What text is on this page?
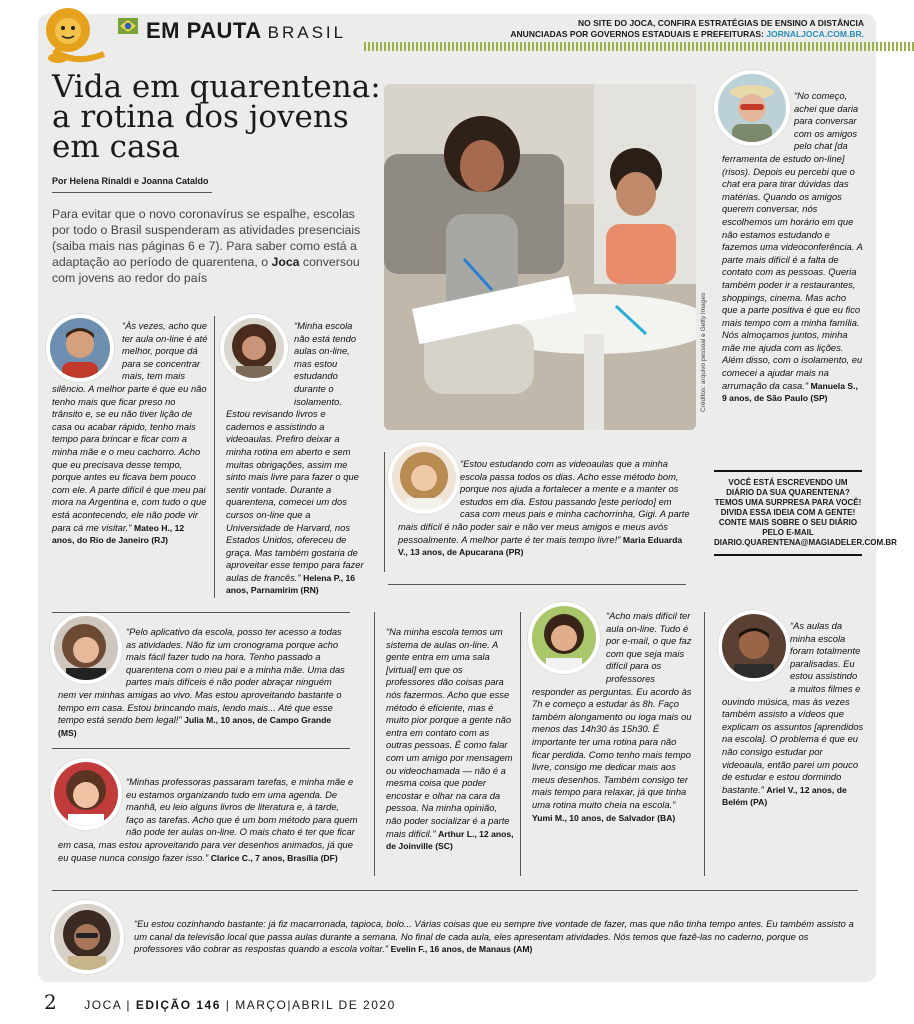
EM PAUTA BRASIL	NO SITE DO JOCA, CONFIRA ESTRATÉGIAS DE ENSINO A DISTÂNCIA
ANUNCIADAS POR GOVERNOS ESTADUAIS E PREFEITURAS: JORNALJOCA.COM.BR.
Vida em quarentena: a rotina dos jovens em casa
Por Helena Rinaldi e Joanna Cataldo

Para evitar que o novo coronavírus se espalhe, escolas por todo o Brasil suspenderam as atividades presenciais (saiba mais nas páginas 6 e 7). Para saber como está a adaptação ao período de quarentena, o Joca conversou com jovens ao redor do país

Créditos: arquivo pessoal e Getty Images
“Às vezes, acho que ter aula on-line é até melhor, porque dá para se concentrar mais, tem mais silêncio. A melhor parte é que eu não tenho mais que ficar preso no trânsito e, se eu não tiver lição de casa ou acabar rápido, tenho mais tempo para brincar e ficar com a minha mãe e o meu cachorro. Acho que eu precisava desse tempo, porque antes eu ficava bem pouco com ele. A parte difícil é que meu pai mora na Argentina e, com tudo o que está acontecendo, ele não pode vir para cá me visitar.” Mateo H., 12 anos, do Rio de Janeiro (RJ)
“Minha escola não está tendo aulas on-line, mas estou estudando durante o isolamento. Estou revisando livros e cadernos e assistindo a videoaulas. Prefiro deixar a minha rotina em aberto e sem muitas obrigações, assim me sinto mais livre para fazer o que sentir vontade. Durante a quarentena, comecei um dos cursos on-line que a Universidade de Harvard, nos Estados Unidos, ofereceu de graça. Mas também gostaria de aproveitar esse tempo para fazer aulas de francês.” Helena P., 16 anos, Parnamirim (RN)
“No começo, achei que daria para conversar com os amigos pelo chat [da ferramenta de estudo on-line] (risos). Depois eu percebi que o chat era para tirar dúvidas das matérias. Quando os amigos querem conversar, nós escolhemos um horário em que não estamos estudando e fazemos uma videoconferência. A parte mais difícil é a falta de contato com as pessoas. Queria também poder ir a restaurantes, shoppings, cinema. Mas acho que a parte positiva é que eu fico mais tempo com a minha família. Nós almoçamos juntos, minha mãe me ajuda com as lições. Além disso, com o isolamento, eu comecei a ajudar mais na arrumação da casa.” Manuela S., 9 anos, de São Paulo (SP)
“Estou estudando com as videoaulas que a minha escola passa todos os dias. Acho esse método bom, porque nos ajuda a fortalecer a mente e a manter os estudos em dia. Estou passando [este período] em casa com meus pais e minha cachorrinha, Gigi. A parte mais difícil é não poder sair e não ver meus amigos e meus avós pessoalmente. A melhor parte é ter mais tempo livre!” Maria Eduarda V., 13 anos, de Apucarana (PR)
VOCÊ ESTÁ ESCREVENDO UM DIÁRIO DA SUA QUARENTENA? TEMOS UMA SURPRESA PARA VOCÊ! DIVIDA ESSA IDEIA COM A GENTE! CONTE MAIS SOBRE O SEU DIÁRIO PELO E-MAIL DIARIO.QUARENTENA@MAGIADELER.COM.BR
“Pelo aplicativo da escola, posso ter acesso a todas as atividades. Não fiz um cronograma porque acho mais fácil fazer tudo na hora. Tenho passado a quarentena com o meu pai e a minha mãe. Uma das partes mais difíceis é não poder abraçar ninguém nem ver minhas amigas ao vivo. Mas estou aproveitando bastante o tempo em casa. Estou brincando mais, lendo mais... Até que esse tempo está sendo bem legal!” Julia M., 10 anos, de Campo Grande (MS)
“Na minha escola temos um sistema de aulas on-line. A gente entra em uma sala [virtual] em que os professores dão coisas para nós fazermos. Acho que esse método é eficiente, mas é muito pior porque a gente não entra em contato com as outras pessoas. É como falar com um amigo por mensagem ou videochamada — não é a mesma coisa que poder encostar e olhar na cara da pessoa. Na minha opinião, não poder socializar é a parte mais difícil.” Arthur L., 12 anos, de Joinville (SC)
“Acho mais difícil ter aula on-line. Tudo é por e-mail, o que faz com que seja mais difícil para os professores responder as perguntas. Eu acordo às 7h e começo a estudar às 8h. Faço também alongamento ou ioga mais ou menos das 14h30 às 15h30. É importante ter uma rotina para não ficar perdida. Como tenho mais tempo livre, consigo me dedicar mais aos meus desenhos. Também consigo ter mais tempo para relaxar, já que tinha uma rotina muito cheia na escola.” Yumi M., 10 anos, de Salvador (BA)
“As aulas da minha escola foram totalmente paralisadas. Eu estou assistindo a muitos filmes e ouvindo música, mas às vezes também assisto a vídeos que explicam os assuntos [aprendidos na escola]. O problema é que eu não consigo estudar por videoaula, então parei um pouco de estudar e estou dormindo bastante.” Ariel V., 12 anos, de Belém (PA)
“Minhas professoras passaram tarefas, e minha mãe e eu estamos organizando tudo em uma agenda. De manhã, eu leio alguns livros de literatura e, à tarde, faço as tarefas. Acho que é um bom método para quem não pode ter aulas on-line. O mais chato é ter que ficar em casa, mas estou aproveitando para ver desenhos animados, já que eu quase nunca consigo fazer isso.” Clarice C., 7 anos, Brasília (DF)
“Eu estou cozinhando bastante: já fiz macarronada, tapioca, bolo... Várias coisas que eu sempre tive vontade de fazer, mas que não tinha tempo antes. Eu também assisto a um canal da televisão local que passa aulas durante a semana. No final de cada aula, eles apresentam atividades. Nós temos que fazê-las no caderno, porque os professores vão cobrar as respostas quando a escola voltar.” Evelin F., 16 anos, de Manaus (AM)
2 JOCA | EDIÇÃO 146 | MARÇO|ABRIL DE 2020
